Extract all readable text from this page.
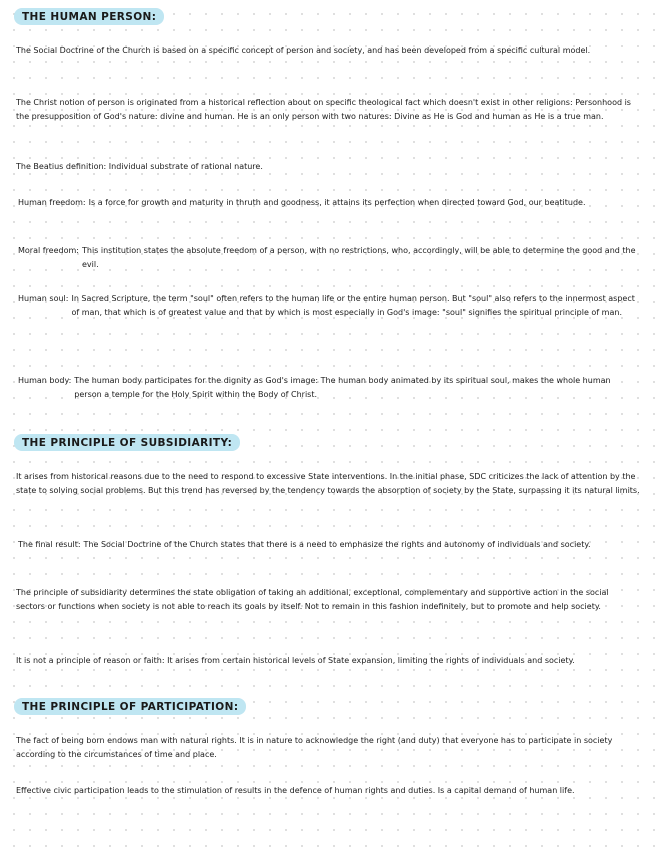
THE HUMAN PERSON:

The Social Doctrine of the Church is based on a specific concept of person and society, and has been developed from a specific cultural model.

The Christ notion of person is originated from a historical reflection about on specific theological fact which doesn't exist in other religions: Personhood is the presupposition of God's nature: divine and human. He is an only person with two natures: Divine as He is God and human as He is a true man.

The Beatius definition: Individual substrate of rational nature.

Human freedom: Is a force for growth and maturity in thruth and goodness, it attains its perfection when directed toward God, our beatitude.
Moral freedom: This institution states the absolute freedom of a person, with no restrictions, who, accordingly, will be able to determine the good and the evil.
Human soul: In Sacred Scripture, the term "soul" often refers to the human life or the entire human person. But "soul" also refers to the innermost aspect of man, that which is of greatest value and that by which is most especially in God's image: "soul" signifies the spiritual principle of man.
Human body: The human body participates for the dignity as God's image: The human body animated by its spiritual soul, makes the whole human person a temple for the Holy Spirit within the Body of Christ.
THE PRINCIPLE OF SUBSIDIARITY:

It arises from historical reasons due to the need to respond to excessive State interventions. In the initial phase, SDC criticizes the lack of attention by the state to solving social problems. But this trend has reversed by the tendency towards the absorption of society by the State, surpassing it its natural limits.

The final result: The Social Doctrine of the Church states that there is a need to emphasize the rights and autonomy of individuals and society.

The principle of subsidiarity determines the state obligation of taking an additional, exceptional, complementary and supportive action in the social sectors or functions when society is not able to reach its goals by itself. Not to remain in this fashion indefinitely, but to promote and help society.

It is not a principle of reason or faith: It arises from certain historical levels of State expansion, limiting the rights of individuals and society.

THE PRINCIPLE OF PARTICIPATION:

The fact of being born endows man with natural rights. It is in nature to acknowledge the right (and duty) that everyone has to participate in society according to the circumstances of time and place.

Effective civic participation leads to the stimulation of results in the defence of human rights and duties. Is a capital demand of human life.
